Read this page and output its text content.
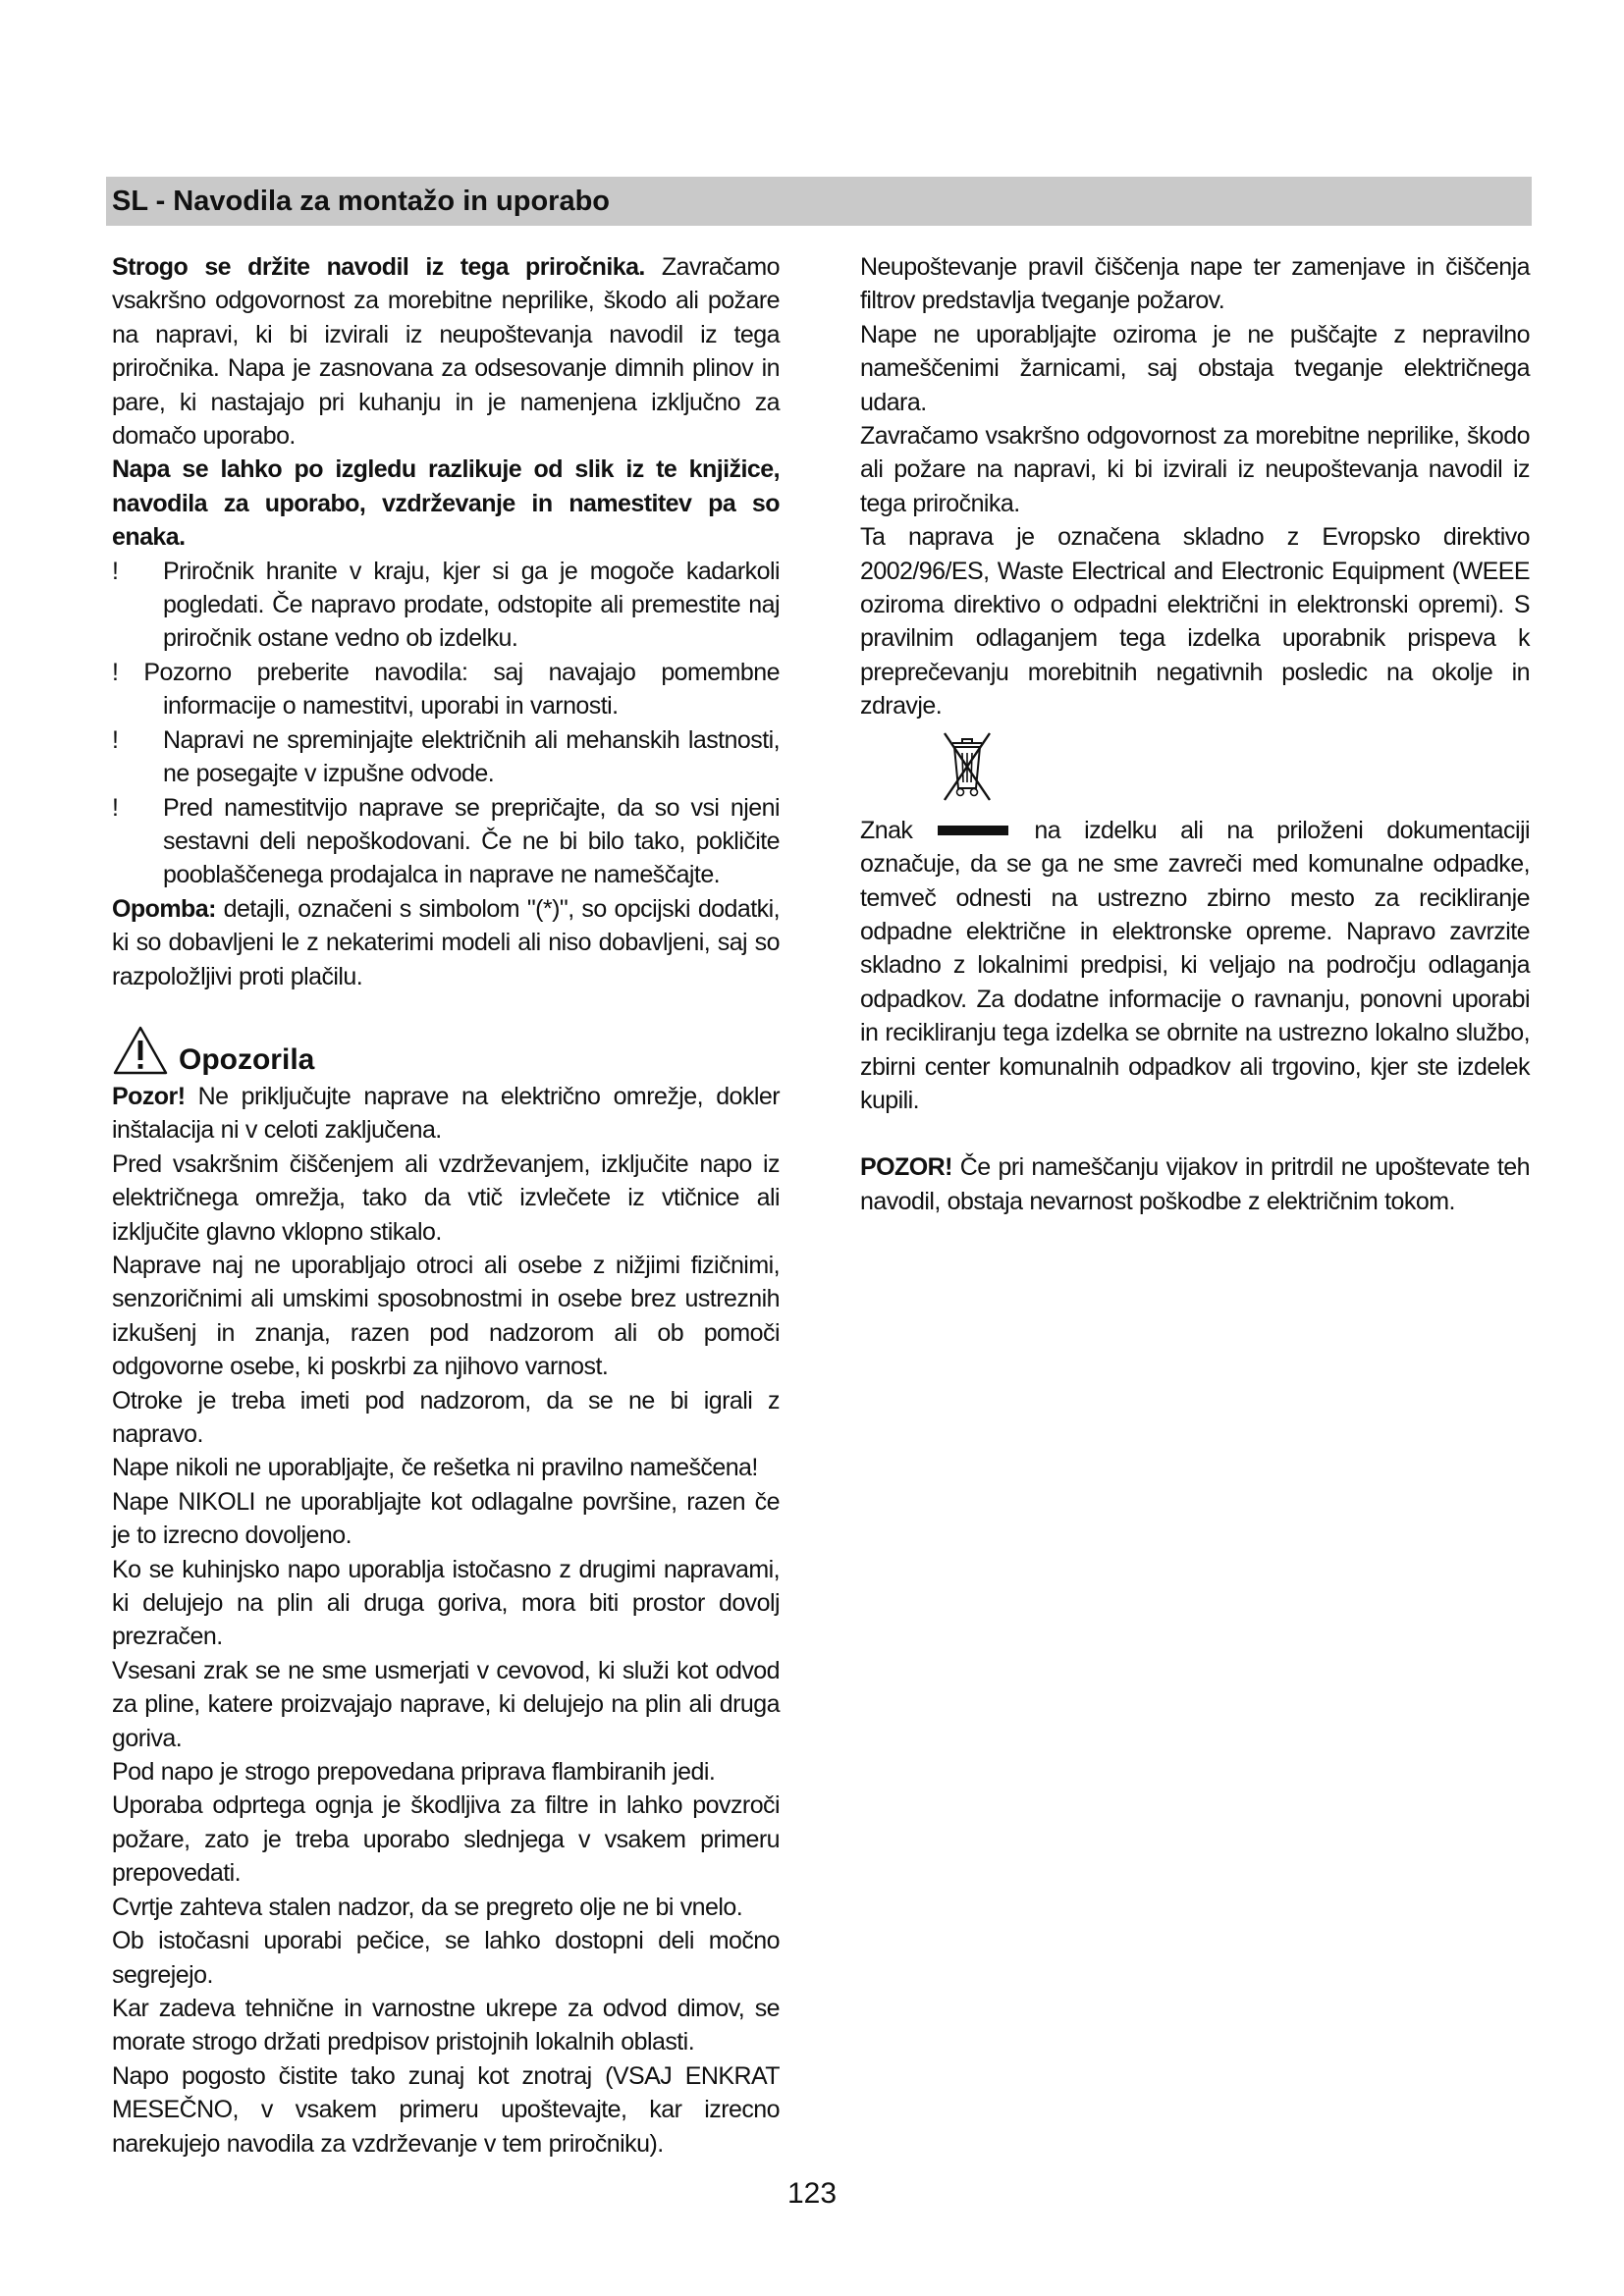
SL - Navodila za montažo in uporabo

Strogo se držite navodil iz tega priročnika. Zavračamo vsakršno odgovornost za morebitne neprilike, škodo ali požare na napravi, ki bi izvirali iz neupoštevanja navodil iz tega priročnika. Napa je zasnovana za odsesovanje dimnih plinov in pare, ki nastajajo pri kuhanju in je namenjena izključno za domačo uporabo.

Napa se lahko po izgledu razlikuje od slik iz te knjižice, navodila za uporabo, vzdrževanje in namestitev pa so enaka.

!	Priročnik hranite v kraju, kjer si ga je mogoče kadarkoli pogledati. Če napravo prodate, odstopite ali premestite naj priročnik ostane vedno ob izdelku.
! Pozorno preberite navodila: saj navajajo pomembne informacije o namestitvi, uporabi in varnosti.
!	Napravi ne spreminjajte električnih ali mehanskih lastnosti, ne posegajte v izpušne odvode.
!	Pred namestitvijo naprave se prepričajte, da so vsi njeni sestavni deli nepoškodovani. Če ne bi bilo tako, pokličite pooblaščenega prodajalca in naprave ne nameščajte.

Opomba: detajli, označeni s simbolom "(*)", so opcijski dodatki, ki so dobavljeni le z nekaterimi modeli ali niso dobavljeni, saj so razpoložljivi proti plačilu.

Opozorila

Pozor! Ne priključujte naprave na električno omrežje, dokler inštalacija ni v celoti zaključena.

Pred vsakršnim čiščenjem ali vzdrževanjem, izključite napo iz električnega omrežja, tako da vtič izvlečete iz vtičnice ali izključite glavno vklopno stikalo.

Naprave naj ne uporabljajo otroci ali osebe z nižjimi fizičnimi, senzoričnimi ali umskimi sposobnostmi in osebe brez ustreznih izkušenj in znanja, razen pod nadzorom ali ob pomoči odgovorne osebe, ki poskrbi za njihovo varnost.

Otroke je treba imeti pod nadzorom, da se ne bi igrali z napravo.

Nape nikoli ne uporabljajte, če rešetka ni pravilno nameščena!

Nape NIKOLI ne uporabljajte kot odlagalne površine, razen če je to izrecno dovoljeno.

Ko se kuhinjsko napo uporablja istočasno z drugimi napravami, ki delujejo na plin ali druga goriva, mora biti prostor dovolj prezračen.

Vsesani zrak se ne sme usmerjati v cevovod, ki služi kot odvod za pline, katere proizvajajo naprave, ki delujejo na plin ali druga goriva.

Pod napo je strogo prepovedana priprava flambiranih jedi.

Uporaba odprtega ognja je škodljiva za filtre in lahko povzroči požare, zato je treba uporabo slednjega v vsakem primeru prepovedati.

Cvrtje zahteva stalen nadzor, da se pregreto olje ne bi vnelo.

Ob istočasni uporabi pečice, se lahko dostopni deli močno segrejejo.

Kar zadeva tehnične in varnostne ukrepe za odvod dimov, se morate strogo držati predpisov pristojnih lokalnih oblasti.

Napo pogosto čistite tako zunaj kot znotraj (VSAJ ENKRAT MESEČNO, v vsakem primeru upoštevajte, kar izrecno narekujejo navodila za vzdrževanje v tem priročniku).

Neupoštevanje pravil čiščenja nape ter zamenjave in čiščenja filtrov predstavlja tveganje požarov.

Nape ne uporabljajte oziroma je ne puščajte z nepravilno nameščenimi žarnicami, saj obstaja tveganje električnega udara.

Zavračamo vsakršno odgovornost za morebitne neprilike, škodo ali požare na napravi, ki bi izvirali iz neupoštevanja navodil iz tega priročnika.

Ta naprava je označena skladno z Evropsko direktivo 2002/96/ES, Waste Electrical and Electronic Equipment (WEEE oziroma direktivo o odpadni električni in elektronski opremi). S pravilnim odlaganjem tega izdelka uporabnik prispeva k preprečevanju morebitnih negativnih posledic na okolje in zdravje.

Znak	na izdelku ali na priloženi dokumentaciji

označuje, da se ga ne sme zavreči med komunalne odpadke, temveč odnesti na ustrezno zbirno mesto za recikliranje odpadne električne in elektronske opreme. Napravo zavrzite skladno z lokalnimi predpisi, ki veljajo na področju odlaganja odpadkov. Za dodatne informacije o ravnanju, ponovni uporabi in recikliranju tega izdelka se obrnite na ustrezno lokalno službo, zbirni center komunalnih odpadkov ali trgovino, kjer ste izdelek kupili.

POZOR! Če pri nameščanju vijakov in pritrdil ne upoštevate teh navodil, obstaja nevarnost poškodbe z električnim tokom.

123
